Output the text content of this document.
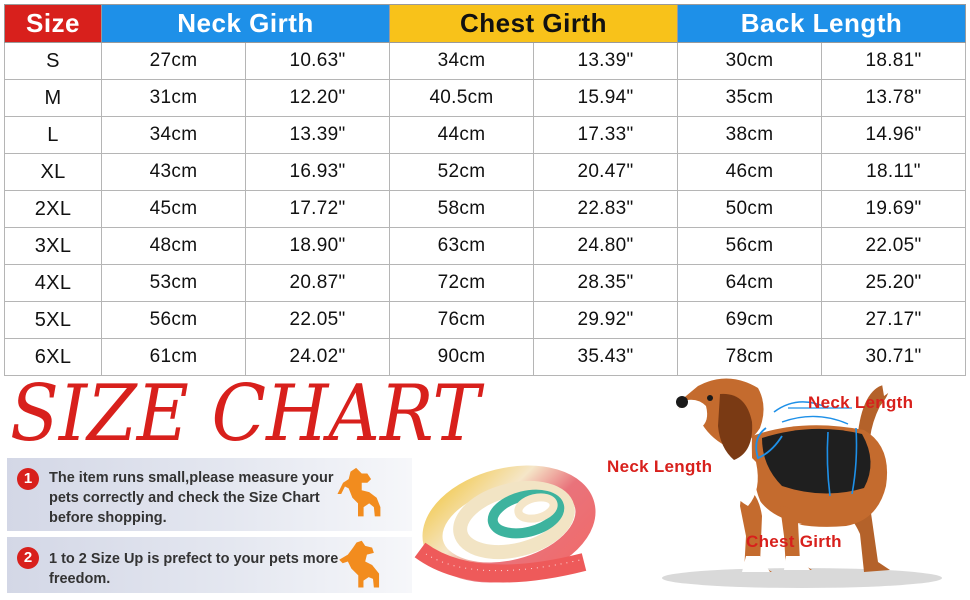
Size	Neck Girth		Chest Girth		Back Length	
S	27cm	10.63"	34cm	13.39"	30cm	18.81"
M	31cm	12.20"	40.5cm	15.94"	35cm	13.78"
L	34cm	13.39"	44cm	17.33"	38cm	14.96"
XL	43cm	16.93"	52cm	20.47"	46cm	18.11"
2XL	45cm	17.72"	58cm	22.83"	50cm	19.69"
3XL	48cm	18.90"	63cm	24.80"	56cm	22.05"
4XL	53cm	20.87"	72cm	28.35"	64cm	25.20"
5XL	56cm	22.05"	76cm	29.92"	69cm	27.17"
6XL	61cm	24.02"	90cm	35.43"	78cm	30.71"
SIZE CHART
1	The item runs small,please measure your pets correctly and check the Size Chart before shopping.
2	1 to 2 Size Up is prefect to your pets more freedom.
Neck Length
Neck Length
Chest Girth
